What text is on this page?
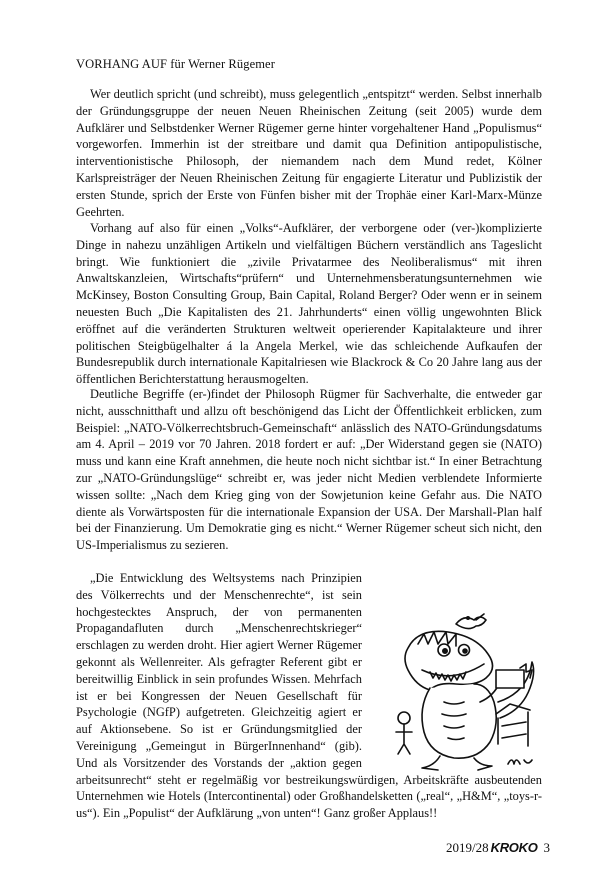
VORHANG AUF für Werner Rügemer

Wer deutlich spricht (und schreibt), muss gelegentlich „entspitzt“ werden. Selbst innerhalb der Gründungsgruppe der neuen Neuen Rheinischen Zeitung (seit 2005) wurde dem Aufklärer und Selbstdenker Werner Rügemer gerne hinter vorgehaltener Hand „Populismus“ vorgeworfen. Immerhin ist der streitbare und damit qua Definition antipopulistische, interventionistische Philosoph, der niemandem nach dem Mund redet, Kölner Karlspreisträger der Neuen Rheinischen Zeitung für engagierte Literatur und Publizistik der ersten Stunde, sprich der Erste von Fünfen bisher mit der Trophäe einer Karl-Marx-Münze Geehrten.

Vorhang auf also für einen „Volks“-Aufklärer, der verborgene oder (ver-)komplizierte Dinge in nahezu unzähligen Artikeln und vielfältigen Büchern verständlich ans Tageslicht bringt. Wie funktioniert die „zivile Privatarmee des Neoliberalismus“ mit ihren Anwaltskanzleien, Wirtschafts“prüfern“ und Unternehmensberatungsunternehmen wie McKinsey, Boston Consulting Group, Bain Capital, Roland Berger? Oder wenn er in seinem neuesten Buch „Die Kapitalisten des 21. Jahrhunderts“ einen völlig ungewohnten Blick eröffnet auf die veränderten Strukturen weltweit operierender Kapitalakteure und ihrer politischen Steigbügelhalter á la Angela Merkel, wie das schleichende Aufkaufen der Bundesrepublik durch internationale Kapitalriesen wie Blackrock & Co 20 Jahre lang aus der öffentlichen Berichterstattung herausmogelten.

Deutliche Begriffe (er-)findet der Philosoph Rügmer für Sachverhalte, die entweder gar nicht, ausschnitthaft und allzu oft beschönigend das Licht der Öffentlichkeit erblicken, zum Beispiel: „NATO-Völkerrechtsbruch-Gemeinschaft“ anlässlich des NATO-Gründungsdatums am 4. April – 2019 vor 70 Jahren. 2018 fordert er auf: „Der Widerstand gegen sie (NATO) muss und kann eine Kraft annehmen, die heute noch nicht sichtbar ist.“ In einer Betrachtung zur „NATO-Gründungslüge“ schreibt er, was jeder nicht Medien verblendete Informierte wissen sollte: „Nach dem Krieg ging von der Sowjetunion keine Gefahr aus. Die NATO diente als Vorwärtsposten für die internationale Expansion der USA. Der Marshall-Plan half bei der Finanzierung. Um Demokratie ging es nicht.“ Werner Rügemer scheut sich nicht, den US-Imperialismus zu sezieren.

„Die Entwicklung des Weltsystems nach Prinzipien des Völkerrechts und der Menschenrechte“, ist sein hochgestecktes Anspruch, der von permanenten Propagandafluten durch „Menschenrechtskrieger“ erschlagen zu werden droht. Hier agiert Werner Rügemer gekonnt als Wellenreiter. Als gefragter Referent gibt er bereitwillig Einblick in sein profundes Wissen. Mehrfach ist er bei Kongressen der Neuen Gesellschaft für Psychologie (NGfP) aufgetreten. Gleichzeitig agiert er auf Aktionsebene. So ist er Gründungsmitglied der Vereinigung „Gemeingut in BürgerInnenhand“ (gib). Und als Vorsitzender des Vorstands der „aktion gegen arbeitsunrecht“ steht er regelmäßig vor bestreikungswürdigen, Arbeitskräfte ausbeutenden Unternehmen wie Hotels (Intercontinental) oder Großhandelsketten („real“, „H&M“, „toys-r-us“). Ein „Populist“ der Aufklärung „von unten“! Ganz großer Applaus!!

2019/28 KROKO 3
